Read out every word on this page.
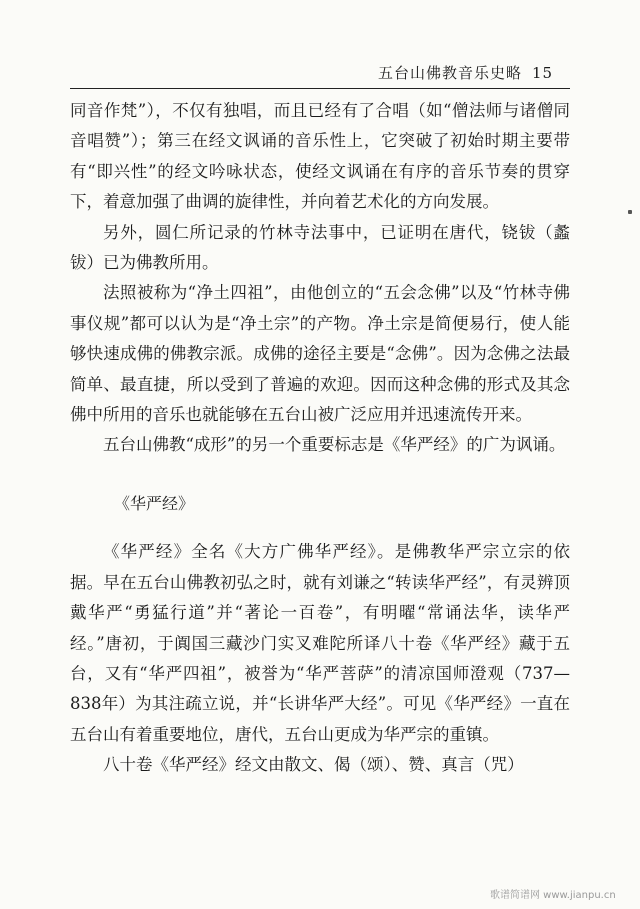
五台山佛教音乐史略 15

同音作梵”），不仅有独唱，而且已经有了合唱（如“僧法师与诸僧同音唱赞”）；第三在经文讽诵的音乐性上，它突破了初始时期主要带有“即兴性”的经文吟咏状态，使经文讽诵在有序的音乐节奏的贯穿下，着意加强了曲调的旋律性，并向着艺术化的方向发展。

另外，圆仁所记录的竹林寺法事中，已证明在唐代，铙钹（蠡钹）已为佛教所用。

法照被称为“净土四祖”，由他创立的“五会念佛”以及“竹林寺佛事仪规”都可以认为是“净土宗”的产物。净土宗是简便易行，使人能够快速成佛的佛教宗派。成佛的途径主要是“念佛”。因为念佛之法最简单、最直捷，所以受到了普遍的欢迎。因而这种念佛的形式及其念佛中所用的音乐也就能够在五台山被广泛应用并迅速流传开来。

五台山佛教“成形”的另一个重要标志是《华严经》的广为讽诵。

《华严经》

《华严经》全名《大方广佛华严经》。是佛教华严宗立宗的依据。早在五台山佛教初弘之时，就有刘谦之“转读华严经”，有灵辨顶戴华严“勇猛行道”并“著论一百卷”，有明曜“常诵法华，读华严经。”唐初，于阗国三藏沙门实叉难陀所译八十卷《华严经》藏于五台，又有“华严四祖”，被誉为“华严菩萨”的清凉国师澄观（737—838年）为其注疏立说，并“长讲华严大经”。可见《华严经》一直在五台山有着重要地位，唐代，五台山更成为华严宗的重镇。

八十卷《华严经》经文由散文、偈（颂）、赞、真言（咒）

歌谱简谱网 www.jianpu.cn
